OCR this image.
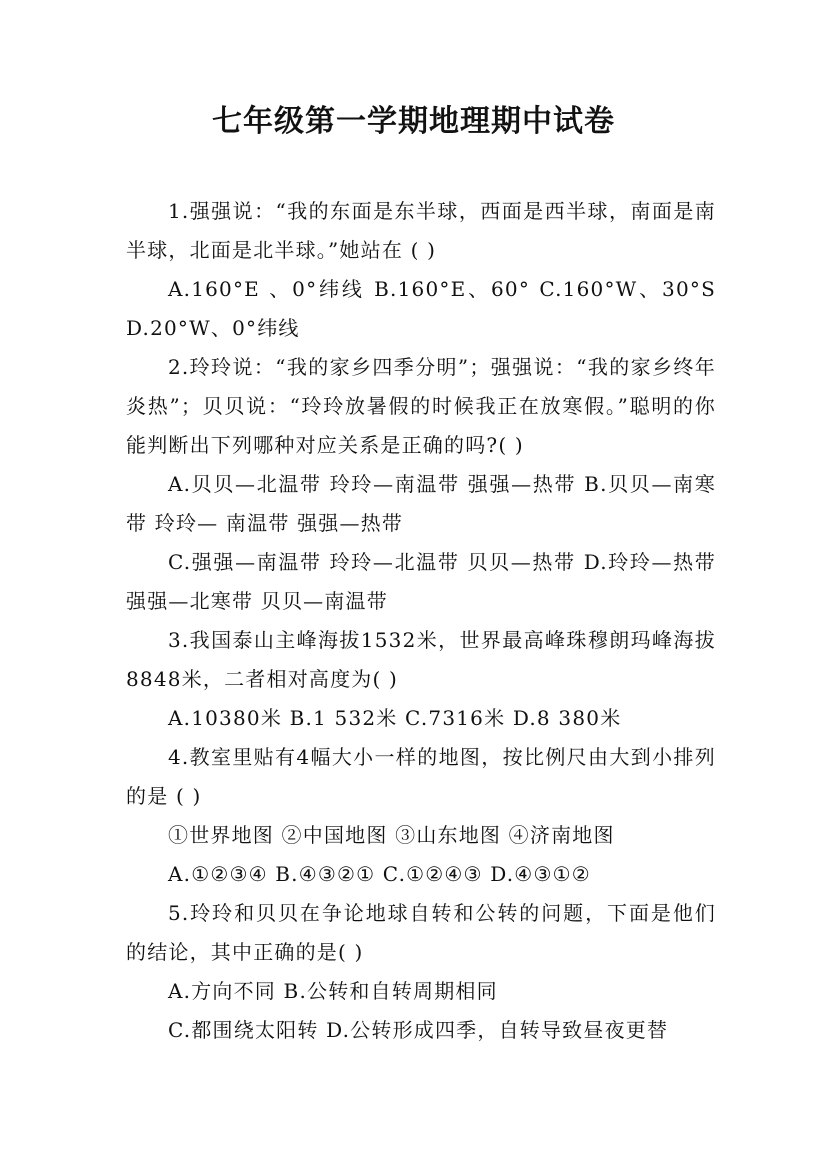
七年级第一学期地理期中试卷

1.强强说：“我的东面是东半球，西面是西半球，南面是南半球，北面是北半球。”她站在 ( )

A.160°E 、0°纬线 B.160°E、60° C.160°W、30°S D.20°W、0°纬线

2.玲玲说：“我的家乡四季分明”；强强说：“我的家乡终年炎热”；贝贝说：“玲玲放暑假的时候我正在放寒假。”聪明的你能判断出下列哪种对应关系是正确的吗?( )

A.贝贝—北温带 玲玲—南温带 强强—热带 B.贝贝—南寒带 玲玲— 南温带 强强—热带

C.强强—南温带 玲玲—北温带 贝贝—热带 D.玲玲—热带 强强—北寒带 贝贝—南温带

3.我国泰山主峰海拔1532米，世界最高峰珠穆朗玛峰海拔8848米，二者相对高度为( )

A.10380米 B.1 532米 C.7316米 D.8 380米

4.教室里贴有4幅大小一样的地图，按比例尺由大到小排列的是 ( )

①世界地图 ②中国地图 ③山东地图 ④济南地图

A.①②③④ B.④③②① C.①②④③ D.④③①②

5.玲玲和贝贝在争论地球自转和公转的问题，下面是他们的结论，其中正确的是( )

A.方向不同 B.公转和自转周期相同

C.都围绕太阳转 D.公转形成四季，自转导致昼夜更替
